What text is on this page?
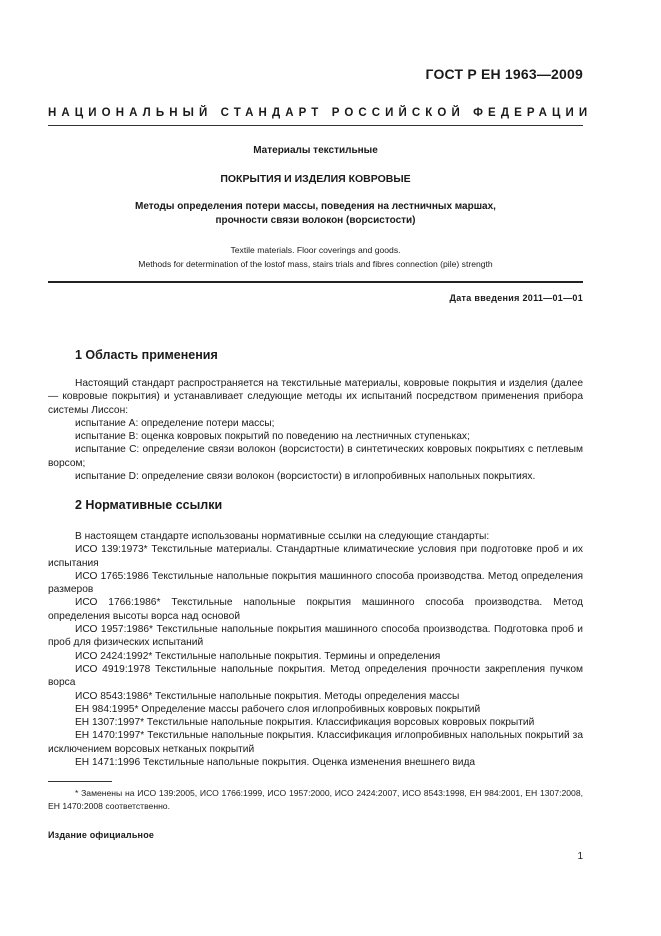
ГОСТ Р ЕН 1963—2009
НАЦИОНАЛЬНЫЙ СТАНДАРТ РОССИЙСКОЙ ФЕДЕРАЦИИ
Материалы текстильные
ПОКРЫТИЯ И ИЗДЕЛИЯ КОВРОВЫЕ
Методы определения потери массы, поведения на лестничных маршах,
прочности связи волокон (ворсистости)
Textile materials. Floor coverings and goods.
Methods for determination of the lostof mass, stairs trials and fibres connection (pile) strength
Дата введения 2011—01—01
1 Область применения

Настоящий стандарт распространяется на текстильные материалы, ковровые покрытия и изделия (далее — ковровые покрытия) и устанавливает следующие методы их испытаний посредством применения прибора системы Лиссон:

испытание А: определение потери массы;

испытание В: оценка ковровых покрытий по поведению на лестничных ступеньках;

испытание С: определение связи волокон (ворсистости) в синтетических ковровых покрытиях с петлевым ворсом;

испытание D: определение связи волокон (ворсистости) в иглопробивных напольных покрытиях.

2 Нормативные ссылки

В настоящем стандарте использованы нормативные ссылки на следующие стандарты:

ИСО 139:1973* Текстильные материалы. Стандартные климатические условия при подготовке проб и их испытания

ИСО 1765:1986 Текстильные напольные покрытия машинного способа производства. Метод определения размеров

ИСО 1766:1986* Текстильные напольные покрытия машинного способа производства. Метод определения высоты ворса над основой

ИСО 1957:1986* Текстильные напольные покрытия машинного способа производства. Подготовка проб и проб для физических испытаний

ИСО 2424:1992* Текстильные напольные покрытия. Термины и определения

ИСО 4919:1978 Текстильные напольные покрытия. Метод определения прочности закрепления пучком ворса

ИСО 8543:1986* Текстильные напольные покрытия. Методы определения массы

ЕН 984:1995* Определение массы рабочего слоя иглопробивных ковровых покрытий

ЕН 1307:1997* Текстильные напольные покрытия. Классификация ворсовых ковровых покрытий

ЕН 1470:1997* Текстильные напольные покрытия. Классификация иглопробивных напольных покрытий за исключением ворсовых нетканых покрытий

ЕН 1471:1996 Текстильные напольные покрытия. Оценка изменения внешнего вида

* Заменены на ИСО 139:2005, ИСО 1766:1999, ИСО 1957:2000, ИСО 2424:2007, ИСО 8543:1998, ЕН 984:2001, ЕН 1307:2008, ЕН 1470:2008 соответственно.

Издание официальное
1
